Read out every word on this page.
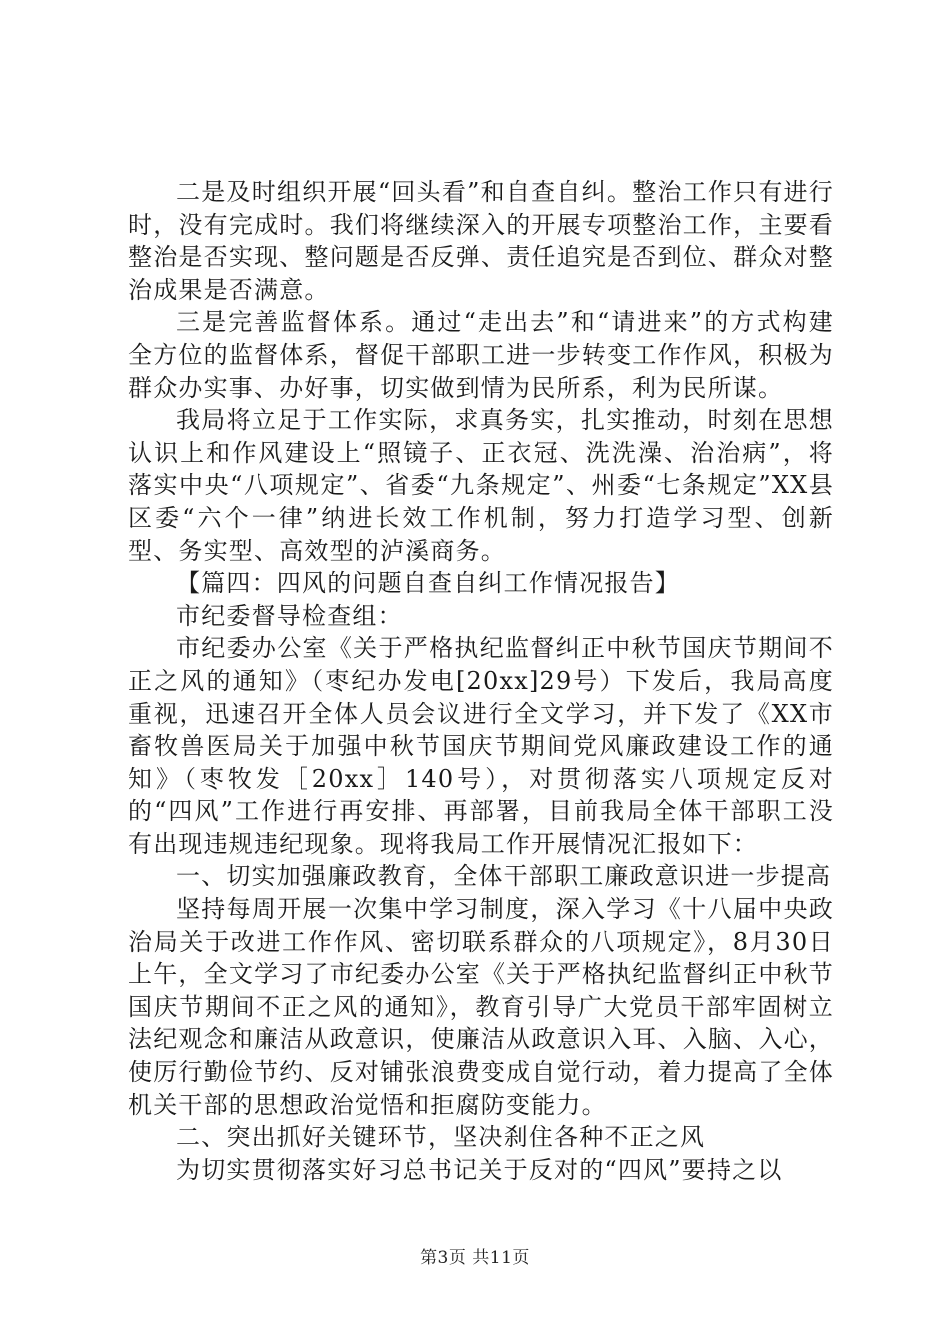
二是及时组织开展“回头看”和自查自纠。整治工作只有进行时，没有完成时。我们将继续深入的开展专项整治工作，主要看整治是否实现、整问题是否反弹、责任追究是否到位、群众对整治成果是否满意。

三是完善监督体系。通过“走出去”和“请进来”的方式构建全方位的监督体系，督促干部职工进一步转变工作作风，积极为群众办实事、办好事，切实做到情为民所系，利为民所谋。

我局将立足于工作实际，求真务实，扎实推动，时刻在思想认识上和作风建设上“照镜子、正衣冠、洗洗澡、治治病”，将落实中央“八项规定”、省委“九条规定”、州委“七条规定”XX县区委“六个一律”纳进长效工作机制，努力打造学习型、创新型、务实型、高效型的泸溪商务。

【篇四：四风的问题自查自纠工作情况报告】

市纪委督导检查组：

市纪委办公室《关于严格执纪监督纠正中秋节国庆节期间不正之风的通知》（枣纪办发电[20xx]29号）下发后，我局高度重视，迅速召开全体人员会议进行全文学习，并下发了《XX市畜牧兽医局关于加强中秋节国庆节期间党风廉政建设工作的通知》（枣牧发［20xx］140号），对贯彻落实八项规定反对的“四风”工作进行再安排、再部署，目前我局全体干部职工没有出现违规违纪现象。现将我局工作开展情况汇报如下：

一、切实加强廉政教育，全体干部职工廉政意识进一步提高

坚持每周开展一次集中学习制度，深入学习《十八届中央政治局关于改进工作作风、密切联系群众的八项规定》，8月30日上午，全文学习了市纪委办公室《关于严格执纪监督纠正中秋节国庆节期间不正之风的通知》，教育引导广大党员干部牢固树立法纪观念和廉洁从政意识，使廉洁从政意识入耳、入脑、入心，使厉行勤俭节约、反对铺张浪费变成自觉行动，着力提高了全体机关干部的思想政治觉悟和拒腐防变能力。

二、突出抓好关键环节，坚决刹住各种不正之风

为切实贯彻落实好习总书记关于反对的“四风”要持之以

第3页 共11页
